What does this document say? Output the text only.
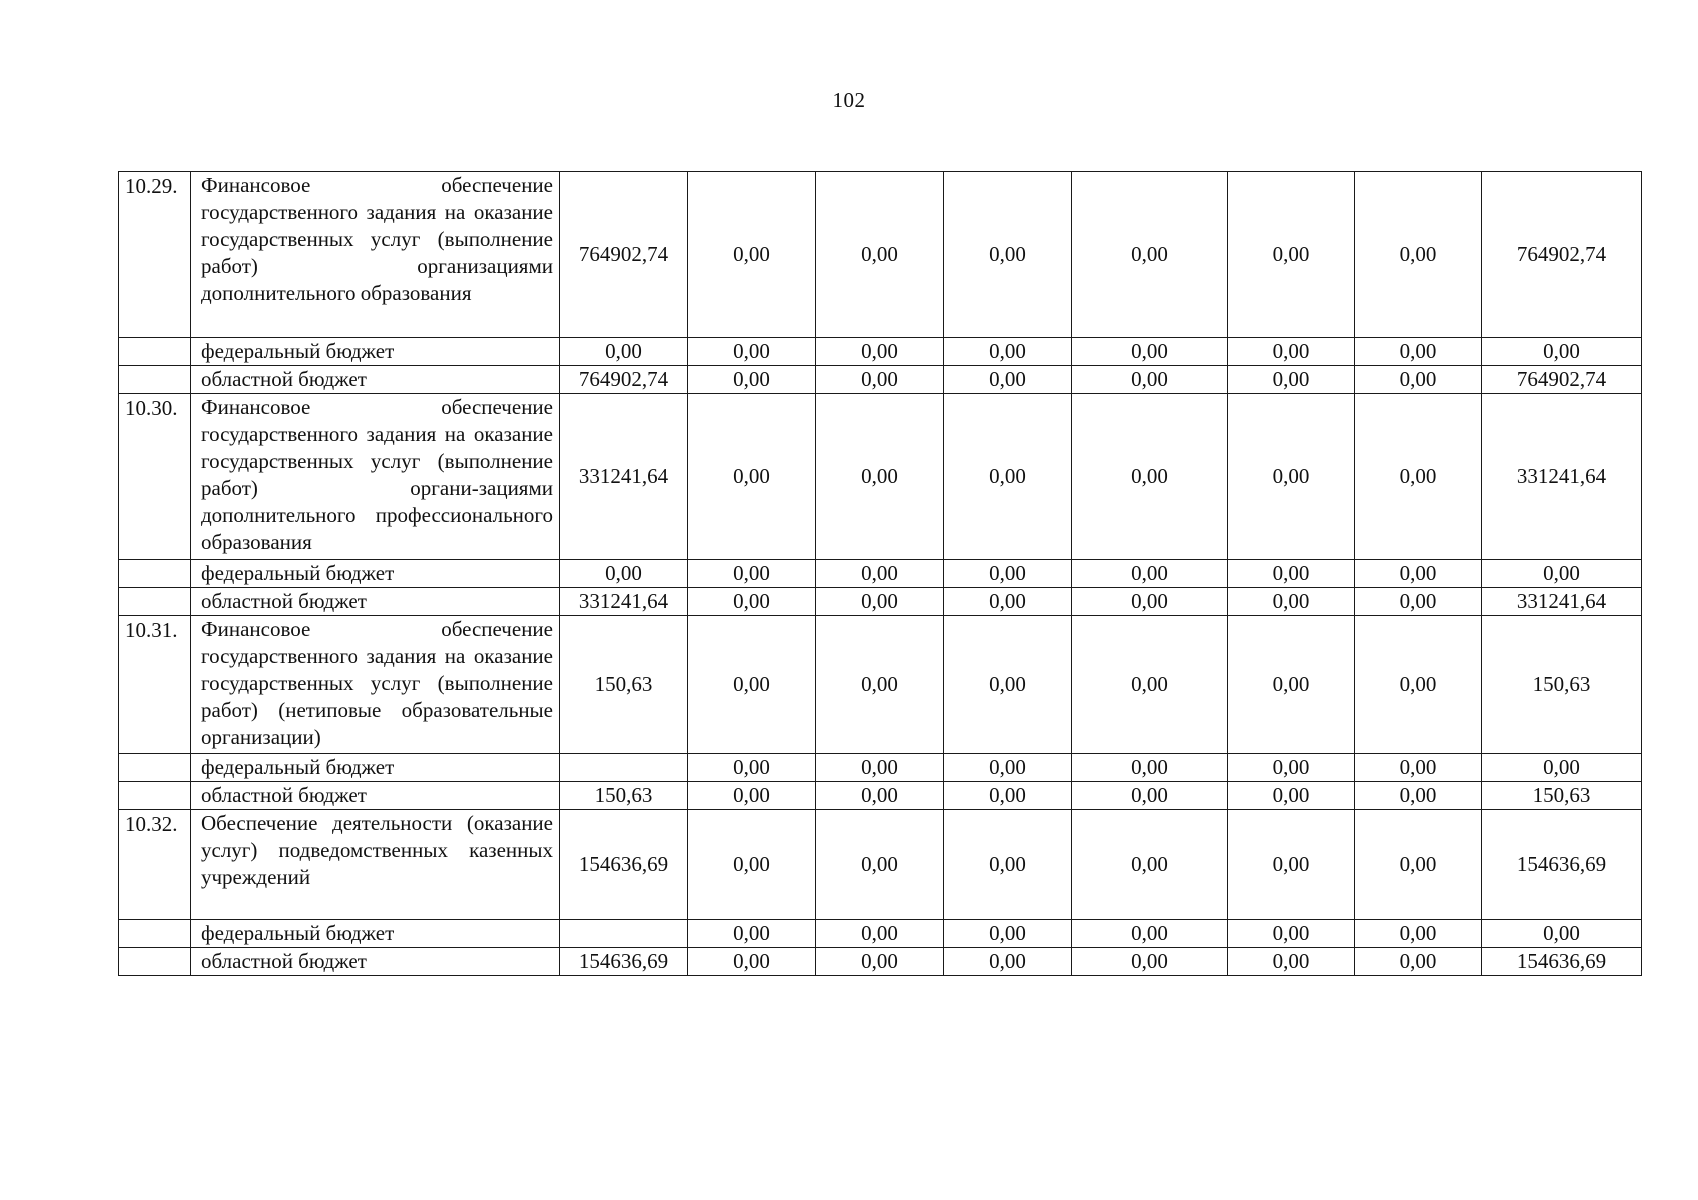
102
10.29.	Финансовое обеспечение государственного задания на оказание государственных услуг (выполнение работ) организациями дополнительного образования	764902,74	0,00	0,00	0,00	0,00	0,00	0,00	764902,74
	федеральный бюджет	0,00	0,00	0,00	0,00	0,00	0,00	0,00	0,00
	областной бюджет	764902,74	0,00	0,00	0,00	0,00	0,00	0,00	764902,74
10.30.	Финансовое обеспечение государственного задания на оказание государственных услуг (выполнение работ) органи-зациями дополнительного профессионального образования	331241,64	0,00	0,00	0,00	0,00	0,00	0,00	331241,64
	федеральный бюджет	0,00	0,00	0,00	0,00	0,00	0,00	0,00	0,00
	областной бюджет	331241,64	0,00	0,00	0,00	0,00	0,00	0,00	331241,64
10.31.	Финансовое обеспечение государственного задания на оказание государственных услуг (выполнение работ) (нетиповые образовательные организации)	150,63	0,00	0,00	0,00	0,00	0,00	0,00	150,63
	федеральный бюджет		0,00	0,00	0,00	0,00	0,00	0,00	0,00
	областной бюджет	150,63	0,00	0,00	0,00	0,00	0,00	0,00	150,63
10.32.	Обеспечение деятельности (оказание услуг) подведомственных казенных учреждений	154636,69	0,00	0,00	0,00	0,00	0,00	0,00	154636,69
	федеральный бюджет		0,00	0,00	0,00	0,00	0,00	0,00	0,00
	областной бюджет	154636,69	0,00	0,00	0,00	0,00	0,00	0,00	154636,69
